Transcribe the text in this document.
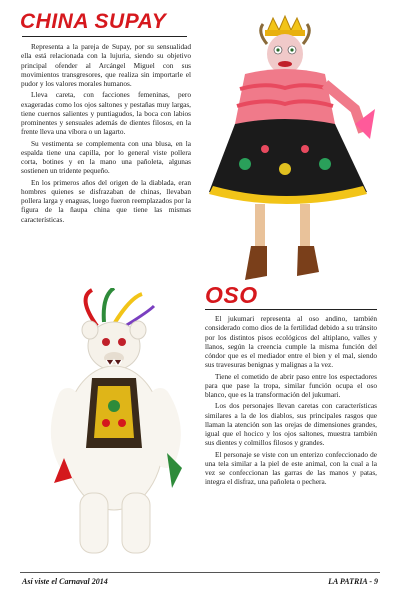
CHINA SUPAY

Representa a la pareja de Supay, por su sensualidad ella está relacionada con la lujuria, siendo su objetivo principal ofender al Arcángel Miguel con sus movimientos transgresores, que realiza sin importarle el pudor y los valores morales humanos.

Lleva careta, con facciones femeninas, pero exageradas como los ojos saltones y pestañas muy largas, tiene cuernos salientes y puntiagudos, la boca con labios prominentes y sensuales además de dientes filosos, en la frente lleva una víbora o un lagarto.

Su vestimenta se complementa con una blusa, en la espalda tiene una capilla, por lo general viste pollera corta, botines y en la mano una pañoleta, algunas sostienen un tridente pequeño.

En los primeros años del origen de la diablada, eran hombres quienes se disfrazaban de chinas, llevaban pollera larga y enaguas, luego fueron reemplazados por la figura de la ñaupa china que tiene las mismas características.

OSO

El jukumari representa al oso andino, también considerado como dios de la fertilidad debido a su tránsito por los distintos pisos ecológicos del altiplano, valles y llanos, según la creencia cumple la misma función del cóndor que es el mediador entre el bien y el mal, siendo sus travesuras benignas y malignas a la vez.

Tiene el cometido de abrir paso entre los espectadores para que pase la tropa, similar función ocupa el oso blanco, que es la transformación del jukumari.

Los dos personajes llevan caretas con características similares a la de los diablos, sus principales rasgos que llaman la atención son las orejas de dimensiones grandes, igual que el hocico y los ojos saltones, muestra también sus dientes y colmillos filosos y grandes.

El personaje se viste con un enterizo confeccionado de una tela similar a la piel de este animal, con la cual a la vez se confeccionan las garras de las manos y patas, integra el disfraz, una pañoleta o pechera.

Así viste el Carnaval 2014	LA PATRIA - 9
